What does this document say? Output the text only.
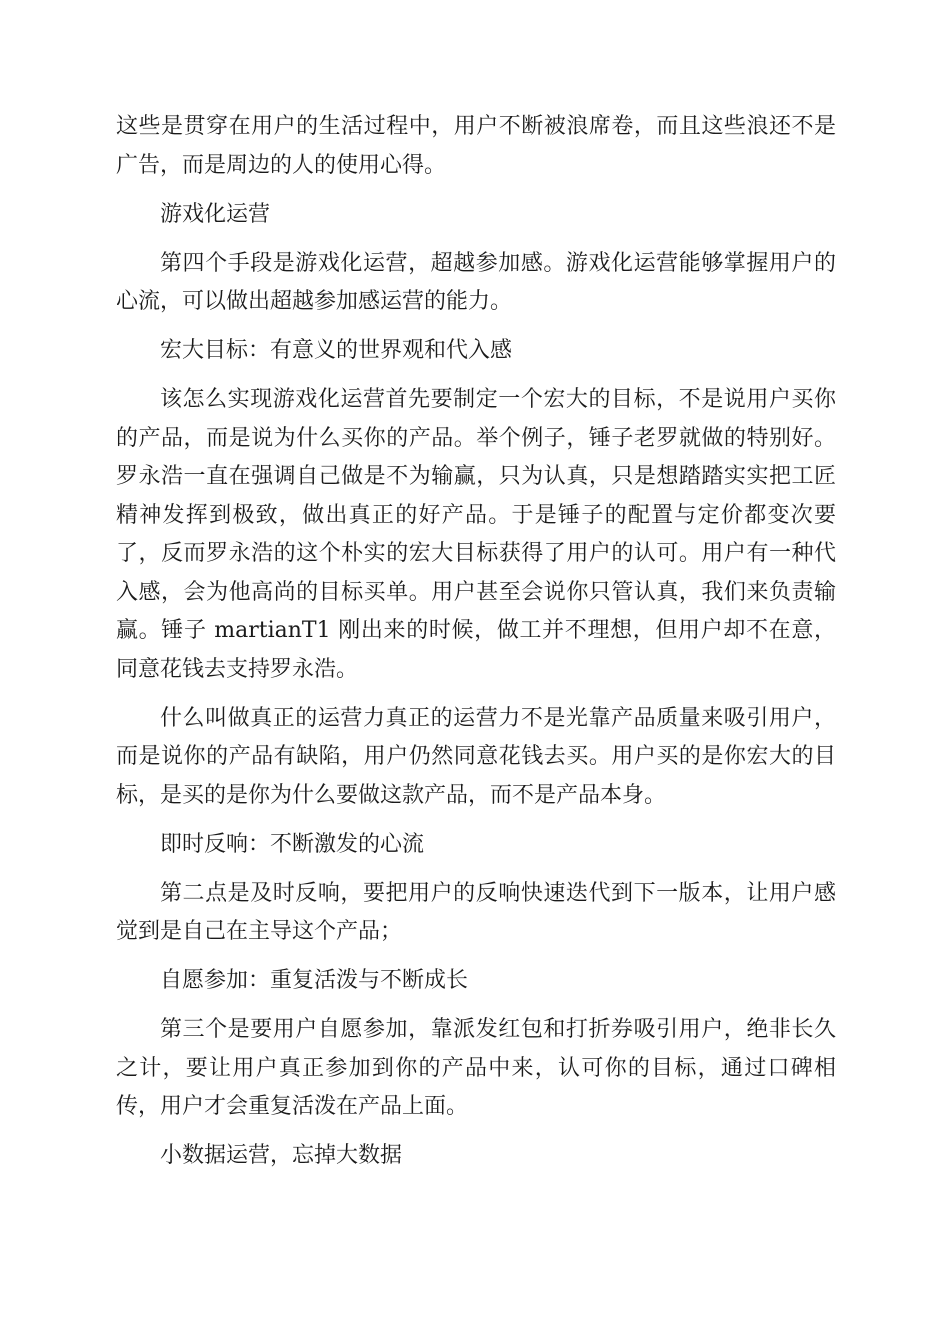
这些是贯穿在用户的生活过程中，用户不断被浪席卷，而且这些浪还不是广告，而是周边的人的使用心得。

游戏化运营

第四个手段是游戏化运营，超越参加感。游戏化运营能够掌握用户的心流，可以做出超越参加感运营的能力。

宏大目标：有意义的世界观和代入感

该怎么实现游戏化运营首先要制定一个宏大的目标，不是说用户买你的产品，而是说为什么买你的产品。举个例子，锤子老罗就做的特别好。罗永浩一直在强调自己做是不为输赢，只为认真，只是想踏踏实实把工匠精神发挥到极致，做出真正的好产品。于是锤子的配置与定价都变次要了，反而罗永浩的这个朴实的宏大目标获得了用户的认可。用户有一种代入感，会为他高尚的目标买单。用户甚至会说你只管认真，我们来负责输赢。锤子 martianT1 刚出来的时候，做工并不理想，但用户却不在意，同意花钱去支持罗永浩。

什么叫做真正的运营力真正的运营力不是光靠产品质量来吸引用户，而是说你的产品有缺陷，用户仍然同意花钱去买。用户买的是你宏大的目标，是买的是你为什么要做这款产品，而不是产品本身。

即时反响：不断激发的心流

第二点是及时反响，要把用户的反响快速迭代到下一版本，让用户感觉到是自己在主导这个产品；

自愿参加：重复活泼与不断成长

第三个是要用户自愿参加，靠派发红包和打折券吸引用户，绝非长久之计，要让用户真正参加到你的产品中来，认可你的目标，通过口碑相传，用户才会重复活泼在产品上面。

小数据运营，忘掉大数据
